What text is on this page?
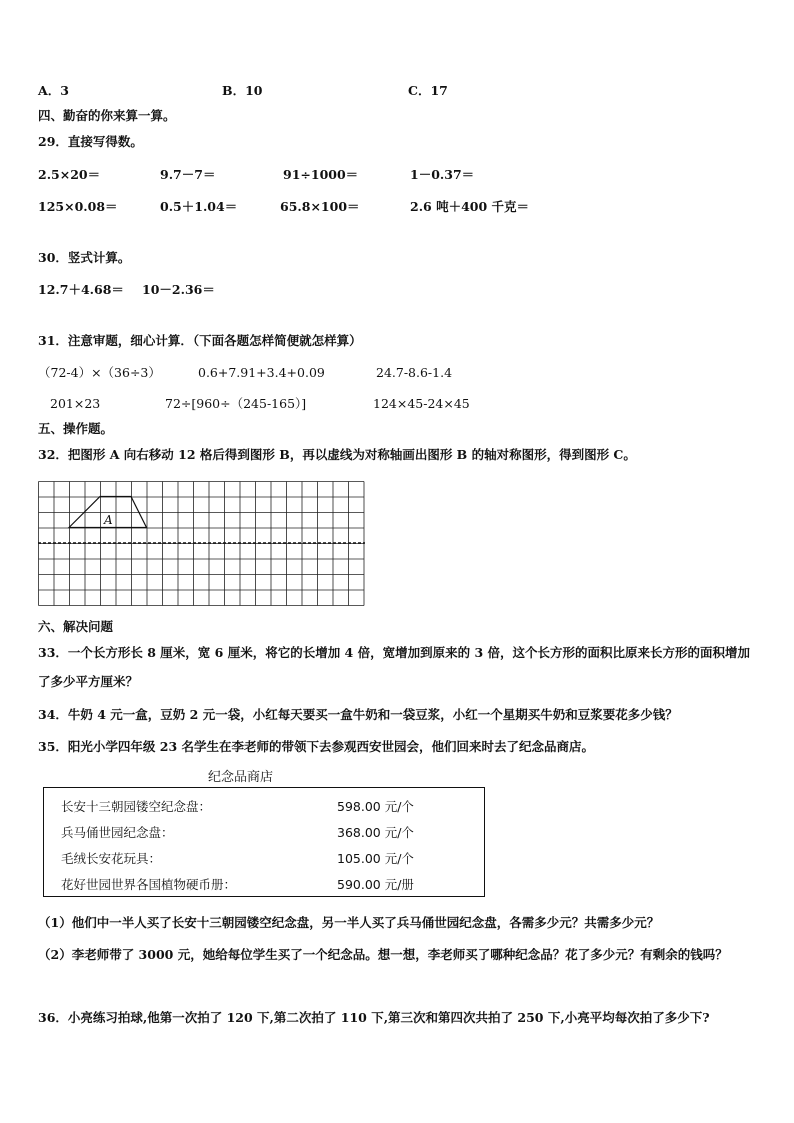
A．3	B．10	C．17
四、勤奋的你来算一算。
29．直接写得数。
2.5×20＝	9.7－7＝	91÷1000＝	1－0.37＝
125×0.08＝	0.5＋1.04＝	65.8×100＝	2.6 吨＋400 千克＝
30．竖式计算。
12.7＋4.68＝ 10－2.36＝
31．注意审题，细心计算．（下面各题怎样简便就怎样算）
（72-4）×（36÷3）	0.6+7.91+3.4+0.09	24.7-8.6-1.4
201×23	72÷[960÷（245-165）]	124×45-24×45
五、操作题。
32．把图形 A 向右移动 12 格后得到图形 B，再以虚线为对称轴画出图形 B 的轴对称图形，得到图形 C。
A
六、解决问题
33．一个长方形长 8 厘米，宽 6 厘米，将它的长增加 4 倍，宽增加到原来的 3 倍，这个长方形的面积比原来长方形的面积增加了多少平方厘米？
34．牛奶 4 元一盒，豆奶 2 元一袋，小红每天要买一盒牛奶和一袋豆浆，小红一个星期买牛奶和豆浆要花多少钱？
35．阳光小学四年级 23 名学生在李老师的带领下去参观西安世园会，他们回来时去了纪念品商店。
纪念品商店
长安十三朝园镂空纪念盘：	598.00 元/个
兵马俑世园纪念盘：	368.00 元/个
毛绒长安花玩具：	105.00 元/个
花好世园世界各国植物硬币册：	590.00 元/册
（1）他们中一半人买了长安十三朝园镂空纪念盘，另一半人买了兵马俑世园纪念盘，各需多少元？共需多少元？
（2）李老师带了 3000 元，她给每位学生买了一个纪念品。想一想，李老师买了哪种纪念品？花了多少元？有剩余的钱吗？
36．小亮练习拍球,他第一次拍了 120 下,第二次拍了 110 下,第三次和第四次共拍了 250 下,小亮平均每次拍了多少下?
